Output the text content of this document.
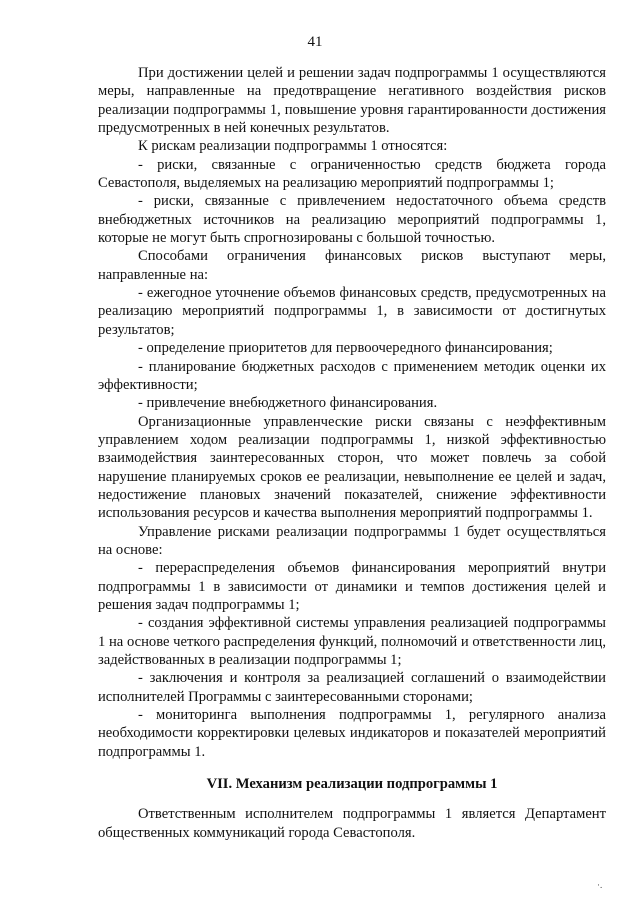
41

При достижении целей и решении задач подпрограммы 1 осуществляются меры, направленные на предотвращение негативного воздействия рисков реализации подпрограммы 1, повышение уровня гарантированности достижения предусмотренных в ней конечных результатов.

К рискам реализации подпрограммы 1 относятся:

- риски, связанные с ограниченностью средств бюджета города Севастополя, выделяемых на реализацию мероприятий подпрограммы 1;

- риски, связанные с привлечением недостаточного объема средств внебюджетных источников на реализацию мероприятий подпрограммы 1, которые не могут быть спрогнозированы с большой точностью.

Способами ограничения финансовых рисков выступают меры, направленные на:

- ежегодное уточнение объемов финансовых средств, предусмотренных на реализацию мероприятий подпрограммы 1, в зависимости от достигнутых результатов;

- определение приоритетов для первоочередного финансирования;

- планирование бюджетных расходов с применением методик оценки их эффективности;

- привлечение внебюджетного финансирования.

Организационные управленческие риски связаны с неэффективным управлением ходом реализации подпрограммы 1, низкой эффективностью взаимодействия заинтересованных сторон, что может повлечь за собой нарушение планируемых сроков ее реализации, невыполнение ее целей и задач, недостижение плановых значений показателей, снижение эффективности использования ресурсов и качества выполнения мероприятий подпрограммы 1.

Управление рисками реализации подпрограммы 1 будет осуществляться на основе:

- перераспределения объемов финансирования мероприятий внутри подпрограммы 1 в зависимости от динамики и темпов достижения целей и решения задач подпрограммы 1;

- создания эффективной системы управления реализацией подпрограммы 1 на основе четкого распределения функций, полномочий и ответственности лиц, задействованных в реализации подпрограммы 1;

- заключения и контроля за реализацией соглашений о взаимодействии исполнителей Программы с заинтересованными сторонами;

- мониторинга выполнения подпрограммы 1, регулярного анализа необходимости корректировки целевых индикаторов и показателей мероприятий подпрограммы 1.

VII. Механизм реализации подпрограммы 1

Ответственным исполнителем подпрограммы 1 является Департамент общественных коммуникаций города Севастополя.

·.
